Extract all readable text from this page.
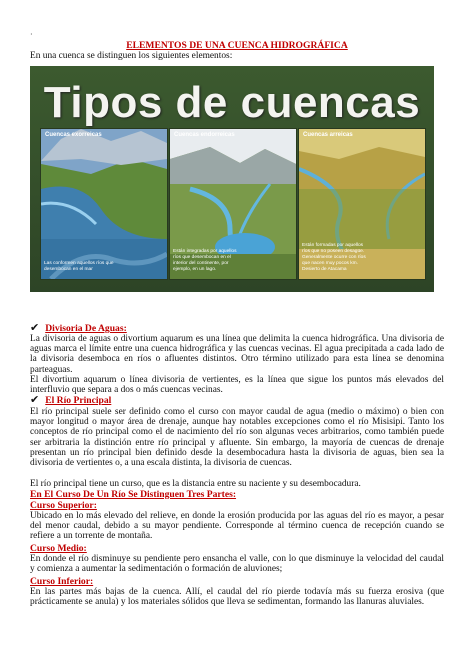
·
ELEMENTOS DE UNA CUENCA HIDROGRÁFICA
En una cuenca se distinguen los siguientes elementos:
Tipos de cuencas
Cuencas exorreicas
Las conformen aquellos ríos que desembocan en el mar
Cuencas endorreicas
Están integradas por aquellos ríos que desembocan en el interior del continente, por ejemplo, en un lago.
Cuencas arreicas
Están formadas por aquellos ríos que no poseen desagüe. Generalmente ocurre con ríos que nacen muy pocos km. Desierto de Atacama
✔ Divisoria De Aguas:
La divisoria de aguas o divortium aquarum es una línea que delimita la cuenca hidrográfica. Una divisoria de aguas marca el límite entre una cuenca hidrográfica y las cuencas vecinas. El agua precipitada a cada lado de la divisoria desemboca en ríos o afluentes distintos. Otro término utilizado para esta línea se denomina parteaguas.
El divortium aquarum o línea divisoria de vertientes, es la línea que sigue los puntos más elevados del interfluvio que separa a dos o más cuencas vecinas.
✔ El Río Principal
El río principal suele ser definido como el curso con mayor caudal de agua (medio o máximo) o bien con mayor longitud o mayor área de drenaje, aunque hay notables excepciones como el río Misisipi. Tanto los conceptos de río principal como el de nacimiento del río son algunas veces arbitrarios, como también puede ser arbitraria la distinción entre río principal y afluente. Sin embargo, la mayoría de cuencas de drenaje presentan un río principal bien definido desde la desembocadura hasta la divisoria de aguas, bien sea la divisoria de vertientes o, a una escala distinta, la divisoria de cuencas.
El río principal tiene un curso, que es la distancia entre su naciente y su desembocadura.
En El Curso De Un Río Se Distinguen Tres Partes:
Curso Superior:
Ubicado en lo más elevado del relieve, en donde la erosión producida por las aguas del río es mayor, a pesar del menor caudal, debido a su mayor pendiente. Corresponde al término cuenca de recepción cuando se refiere a un torrente de montaña.
Curso Medio:
En donde el río disminuye su pendiente pero ensancha el valle, con lo que disminuye la velocidad del caudal y comienza a aumentar la sedimentación o formación de aluviones;
Curso Inferior:
En las partes más bajas de la cuenca. Allí, el caudal del río pierde todavía más su fuerza erosiva (que prácticamente se anula) y los materiales sólidos que lleva se sedimentan, formando las llanuras aluviales.
